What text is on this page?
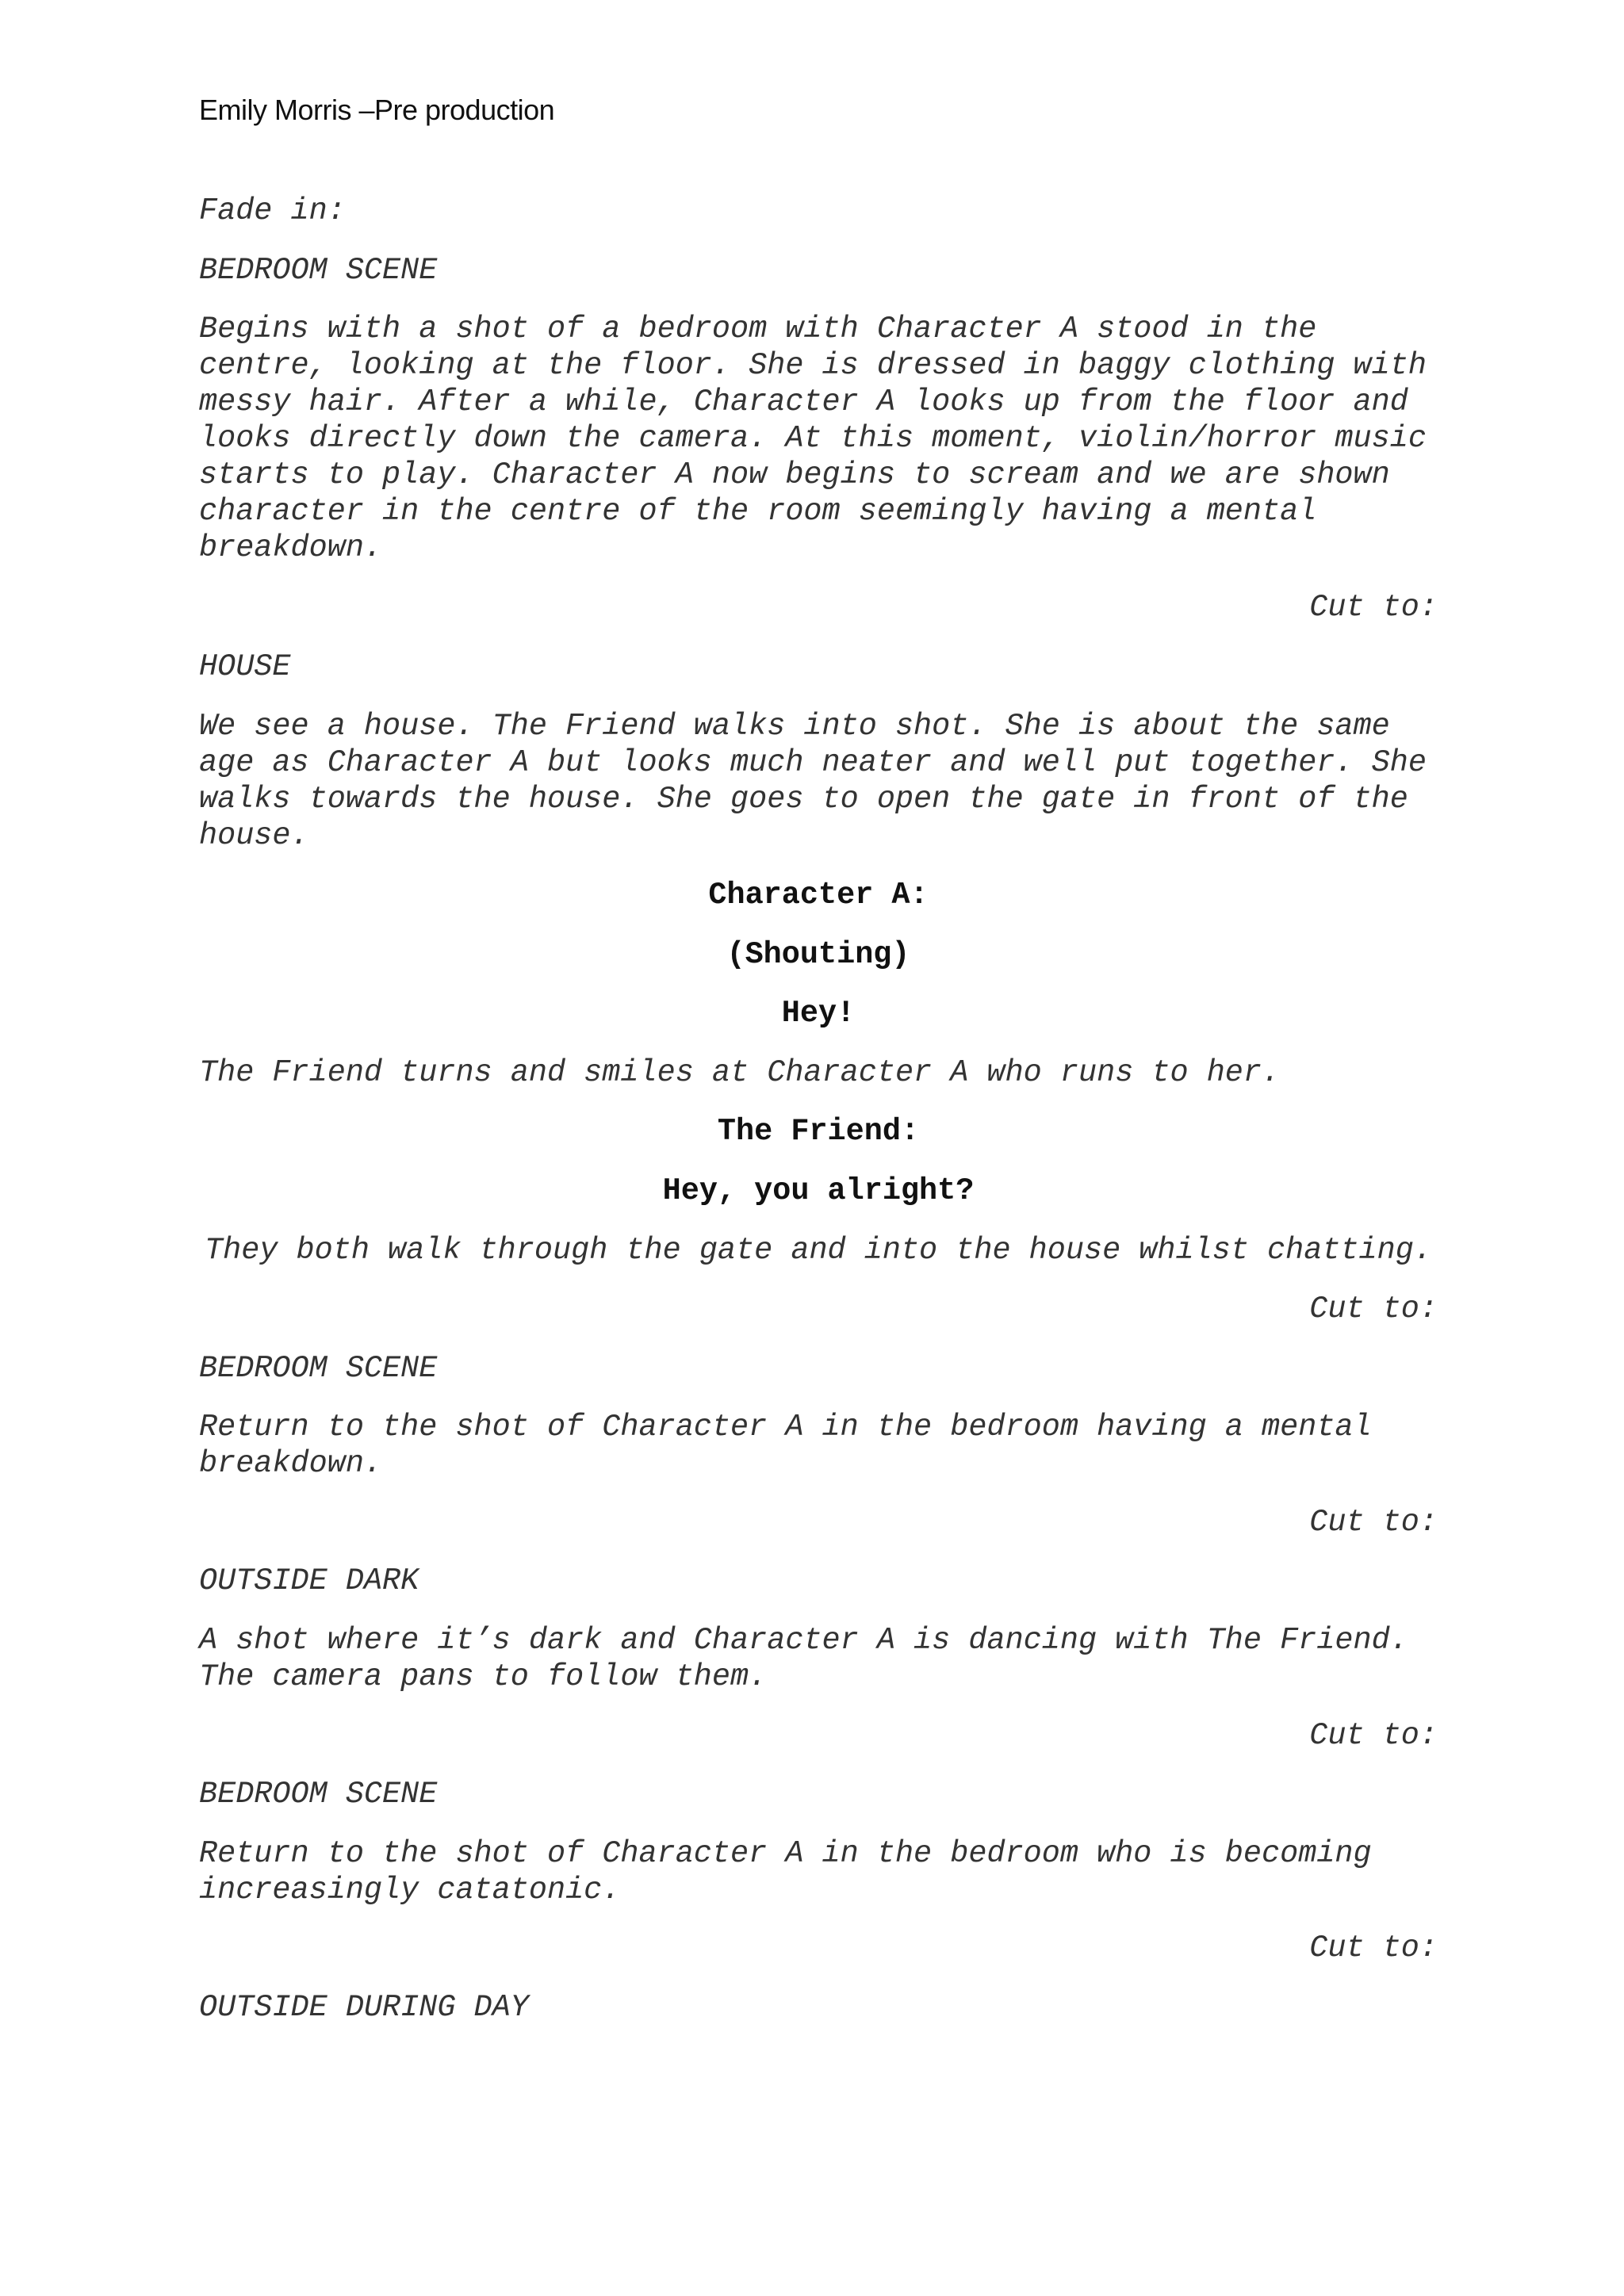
Emily Morris –Pre production
Fade in:
BEDROOM SCENE
Begins with a shot of a bedroom with Character A stood in the
centre, looking at the floor. She is dressed in baggy clothing with
messy hair. After a while, Character A looks up from the floor and
looks directly down the camera. At this moment, violin/horror music
starts to play. Character A now begins to scream and we are shown
character in the centre of the room seemingly having a mental
breakdown.
Cut to:
HOUSE
We see a house. The Friend walks into shot. She is about the same
age as Character A but looks much neater and well put together. She
walks towards the house. She goes to open the gate in front of the
house.
Character A:
(Shouting)
Hey!
The Friend turns and smiles at Character A who runs to her.
The Friend:
Hey, you alright?
They both walk through the gate and into the house whilst chatting.
Cut to:
BEDROOM SCENE
Return to the shot of Character A in the bedroom having a mental
breakdown.
Cut to:
OUTSIDE DARK
A shot where it’s dark and Character A is dancing with The Friend.
The camera pans to follow them.
Cut to:
BEDROOM SCENE
Return to the shot of Character A in the bedroom who is becoming
increasingly catatonic.
Cut to:
OUTSIDE DURING DAY
